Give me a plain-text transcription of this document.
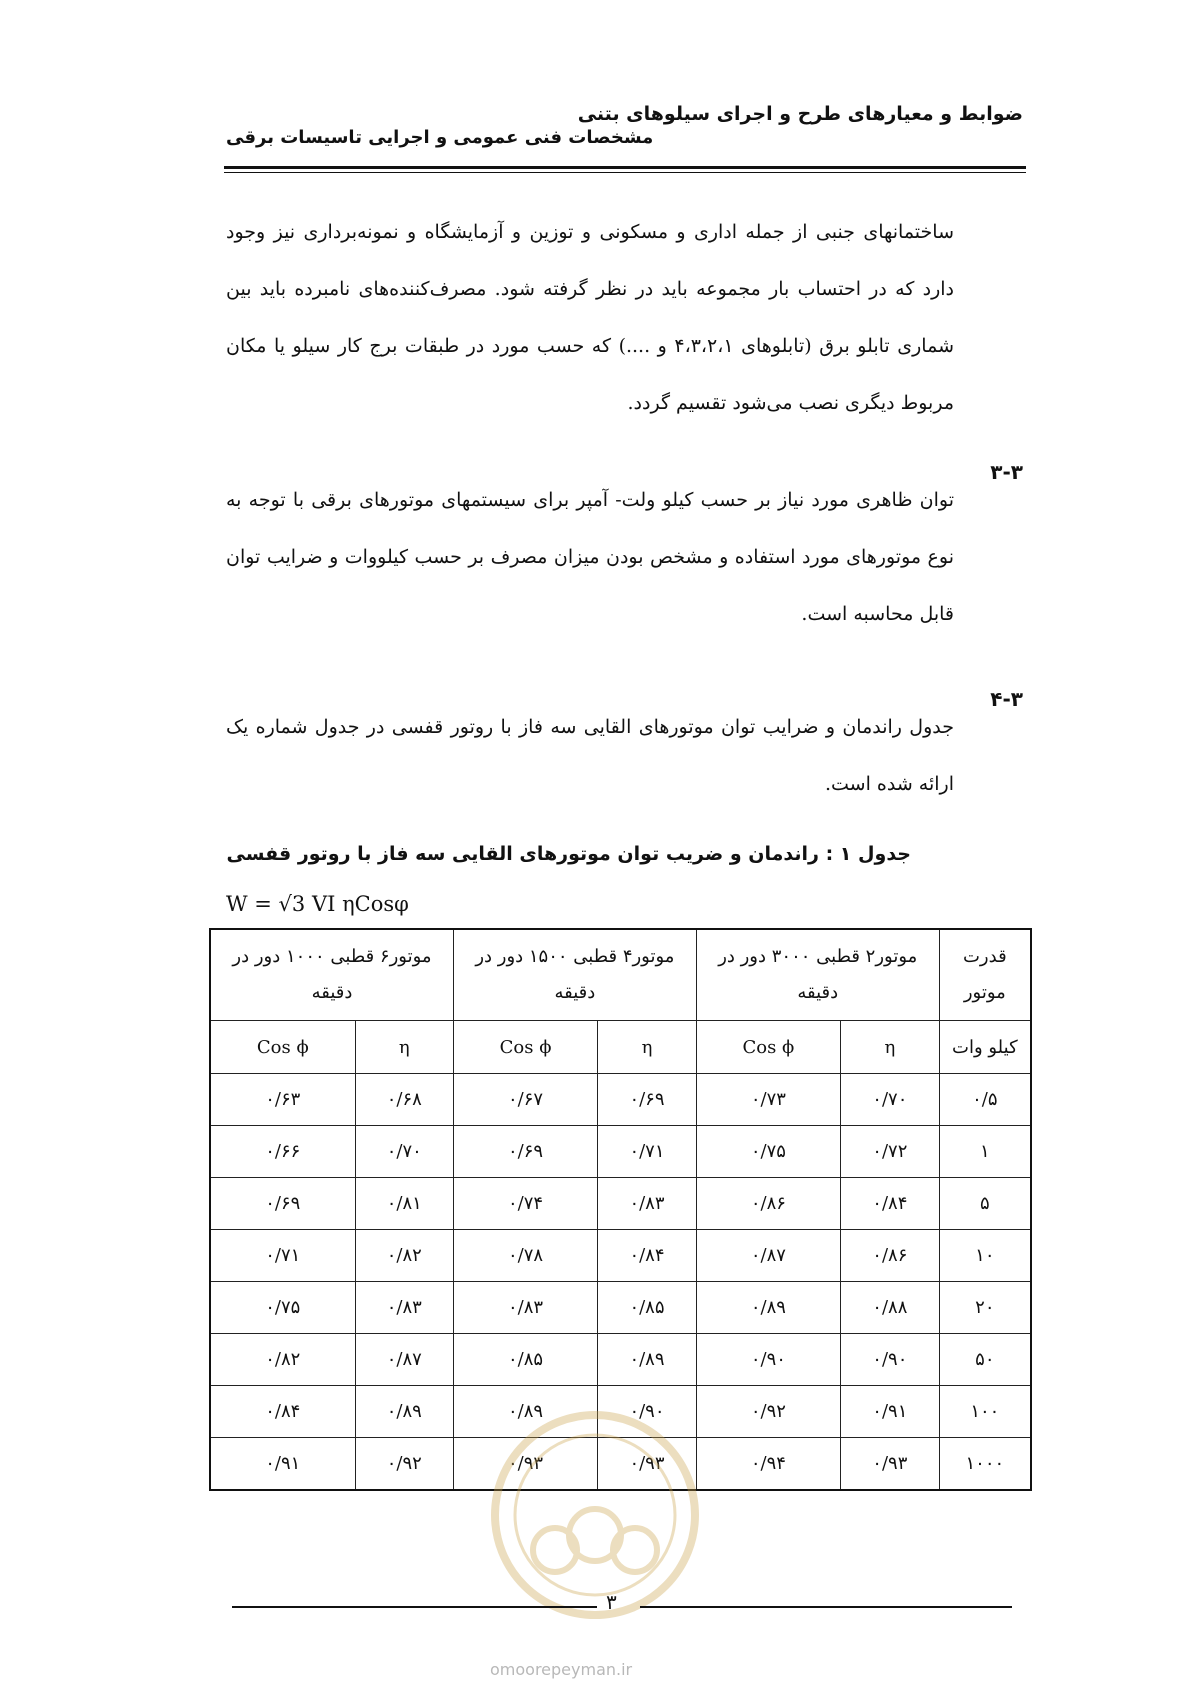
ضوابط و معیارهای طرح و اجرای سیلوهای بتنی
مشخصات فنی عمومی و اجرایی تاسیسات برقی

ساختمانهای جنبی از جمله اداری و مسکونی و توزین و آزمایشگاه و نمونه‌برداری نیز وجود دارد که در احتساب بار مجموعه باید در نظر گرفته شود. مصرف‌کننده‌های نامبرده باید بین شماری تابلو برق (تابلوهای ۴،۳،۲،۱ و ....) که حسب مورد در طبقات برج کار سیلو یا مکان مربوط دیگری نصب می‌شود تقسیم گردد.

۳-۳

توان ظاهری مورد نیاز بر حسب کیلو ولت- آمپر برای سیستمهای موتورهای برقی با توجه به نوع موتورهای مورد استفاده و مشخص بودن میزان مصرف بر حسب کیلووات و ضرایب توان قابل محاسبه است.

۴-۳

جدول راندمان و ضرایب توان موتورهای القایی سه فاز با روتور قفسی در جدول شماره یک ارائه شده است.

جدول ۱ : راندمان و ضریب توان موتورهای القایی سه فاز با روتور قفسی
W = √3 VI ηCosφ
قدرت موتور	موتور۲ قطبی ۳۰۰۰ دور در دقیقه		موتور۴ قطبی ۱۵۰۰ دور در دقیقه		موتور۶ قطبی ۱۰۰۰ دور در دقیقه	
کیلو وات	η	Cos ϕ	η	Cos ϕ	η	Cos ϕ
۰/۵	۰/۷۰	۰/۷۳	۰/۶۹	۰/۶۷	۰/۶۸	۰/۶۳
۱	۰/۷۲	۰/۷۵	۰/۷۱	۰/۶۹	۰/۷۰	۰/۶۶
۵	۰/۸۴	۰/۸۶	۰/۸۳	۰/۷۴	۰/۸۱	۰/۶۹
۱۰	۰/۸۶	۰/۸۷	۰/۸۴	۰/۷۸	۰/۸۲	۰/۷۱
۲۰	۰/۸۸	۰/۸۹	۰/۸۵	۰/۸۳	۰/۸۳	۰/۷۵
۵۰	۰/۹۰	۰/۹۰	۰/۸۹	۰/۸۵	۰/۸۷	۰/۸۲
۱۰۰	۰/۹۱	۰/۹۲	۰/۹۰	۰/۸۹	۰/۸۹	۰/۸۴
۱۰۰۰	۰/۹۳	۰/۹۴	۰/۹۳	۰/۹۳	۰/۹۲	۰/۹۱
۳
omoorepeyman.ir
